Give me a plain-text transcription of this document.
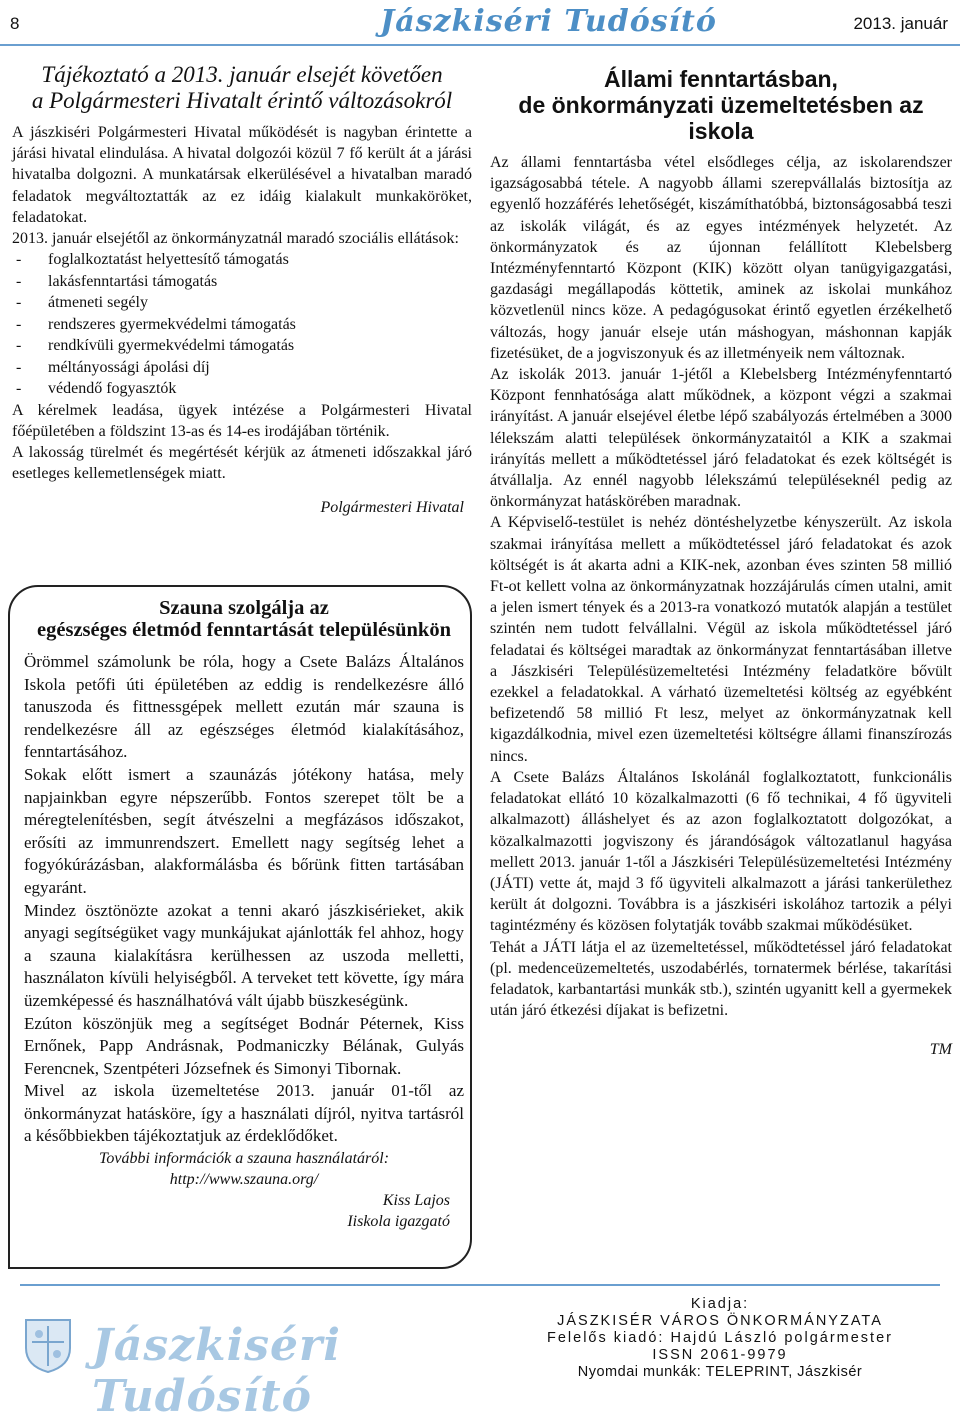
8	Jászkiséri Tudósító	2013. január
Tájékoztató a 2013. január elsejét követően
a Polgármesteri Hivatalt érintő változásokról

A jászkiséri Polgármesteri Hivatal működését is nagyban érintette a járási hivatal elindulása. A hivatal dolgozói közül 7 fő került át a járási hivatalba dolgozni. A munkatársak elkerülésével a hivatalban maradó feladatok megváltoztatták az ez idáig kialakult munkaköröket, feladatokat.

2013. január elsejétől az önkormányzatnál maradó szociális ellátások:

- foglalkoztatást helyettesítő támogatás
- lakásfenntartási támogatás
- átmeneti segély
- rendszeres gyermekvédelmi támogatás
- rendkívüli gyermekvédelmi támogatás
- méltányossági ápolási díj
- védendő fogyasztók

A kérelmek leadása, ügyek intézése a Polgármesteri Hivatal főépületében a földszint 13-as és 14-es irodájában történik.

A lakosság türelmét és megértését kérjük az átmeneti időszakkal járó esetleges kellemetlenségek miatt.

Polgármesteri Hivatal
Szauna szolgálja az
egészséges életmód fenntartását településünkön

Örömmel számolunk be róla, hogy a Csete Balázs Általános Iskola petőfi úti épületében az eddig is rendelkezésre álló tanuszoda és fittnessgépek mellett ezután már szauna is rendelkezésre áll az egészséges életmód kialakításához, fenntartásához.

Sokak előtt ismert a szaunázás jótékony hatása, mely napjainkban egyre népszerűbb. Fontos szerepet tölt be a méregtelenítésben, segít átvészelni a megfázásos időszakot, erősíti az immunrendszert. Emellett nagy segítség lehet a fogyókúrázásban, alakformálásba és bőrünk fitten tartásában egyaránt.

Mindez ösztönözte azokat a tenni akaró jászkisérieket, akik anyagi segítségüket vagy munkájukat ajánlották fel ahhoz, hogy a szauna kialakításra kerülhessen az uszoda melletti, használaton kívüli helyiségből. A terveket tett követte, így mára üzemképessé és használhatóvá vált újabb büszkeségünk.

Ezúton köszönjük meg a segítséget Bodnár Péternek, Kiss Ernőnek, Papp Andrásnak, Podmaniczky Bélának, Gulyás Ferencnek, Szentpéteri Józsefnek és Simonyi Tibornak.

Mivel az iskola üzemeltetése 2013. január 01-től az önkormányzat hatásköre, így a használati díjról, nyitva tartásról a későbbiekben tájékoztatjuk az érdeklődőket.

További információk a szauna használatáról:
http://www.szauna.org/
Kiss Lajos
Iiskola igazgató
Állami fenntartásban,
de önkormányzati üzemeltetésben az iskola

Az állami fenntartásba vétel elsődleges célja, az iskolarendszer igazságosabbá tétele. A nagyobb állami szerepvállalás biztosítja az egyenlő hozzáférés lehetőségét, kiszámíthatóbbá, biztonságosabbá teszi az iskolák világát, és az egyes intézmények helyzetét. Az önkormányzatok és az újonnan felállított Klebelsberg Intézményfenntartó Központ (KIK) között olyan tanügyigazgatási, gazdasági megállapodás köttetik, aminek az iskolai munkához közvetlenül nincs köze. A pedagógusokat érintő egyetlen érzékelhető változás, hogy január elseje után máshogyan, máshonnan kapják fizetésüket, de a jogviszonyuk és az illetményeik nem változnak.

Az iskolák 2013. január 1-jétől a Klebelsberg Intézményfenntartó Központ fennhatósága alatt működnek, a központ végzi a szakmai irányítást. A január elsejével életbe lépő szabályozás értelmében a 3000 lélekszám alatti települések önkormányzataitól a KIK a szakmai irányítás mellett a működtetéssel járó feladatokat és ezek költségét is átvállalja. Az ennél nagyobb lélekszámú településeknél pedig az önkormányzat hatáskörében maradnak.

A Képviselő-testület is nehéz döntéshelyzetbe kényszerült. Az iskola szakmai irányítása mellett a működtetéssel járó feladatokat és azok költségét is át akarta adni a KIK-nek, azonban éves szinten 58 millió Ft-ot kellett volna az önkormányzatnak hozzájárulás címen utalni, amit a jelen ismert tények és a 2013-ra vonatkozó mutatók alapján a testület szintén nem tudott felvállalni. Végül az iskola működtetéssel járó feladatai és költségei maradtak az önkormányzat fenntartásában illetve a Jászkiséri Településüzemeltetési Intézmény feladatköre bővült ezekkel a feladatokkal. A várható üzemeltetési költség az egyébként befizetendő 58 millió Ft lesz, melyet az önkormányzatnak kell kigazdálkodnia, mivel ezen üzemeltetési költségre állami finanszírozás nincs.

A Csete Balázs Általános Iskolánál foglalkoztatott, funkcionális feladatokat ellátó 10 közalkalmazotti (6 fő technikai, 4 fő ügyviteli alkalmazott) álláshelyet és az azon foglalkoztatott dolgozókat, a közalkalmazotti jogviszony és járandóságok változatlanul hagyása mellett 2013. január 1-től a Jászkiséri Településüzemeltetési Intézmény (JÁTI) vette át, majd 3 fő ügyviteli alkalmazott a járási tankerülethez került át dolgozni. Továbbra is a jászkiséri iskolához tartozik a pélyi tagintézmény és közösen folytatják tovább szakmai működésüket.

Tehát a JÁTI látja el az üzemeltetéssel, működtetéssel járó feladatokat (pl. medenceüzemeltetés, uszodabérlés, tornatermek bérlése, takarítási feladatok, karbantartási munkák stb.), szintén ugyanitt kell a gyermekek után járó étkezési díjakat is befizetni.

TM
Jászkiséri Tudósító
Kiadja:
JÁSZKISÉR VÁROS ÖNKORMÁNYZATA
Felelős kiadó: Hajdú László polgármester
ISSN 2061-9979
Nyomdai munkák: TELEPRINT, Jászkisér
